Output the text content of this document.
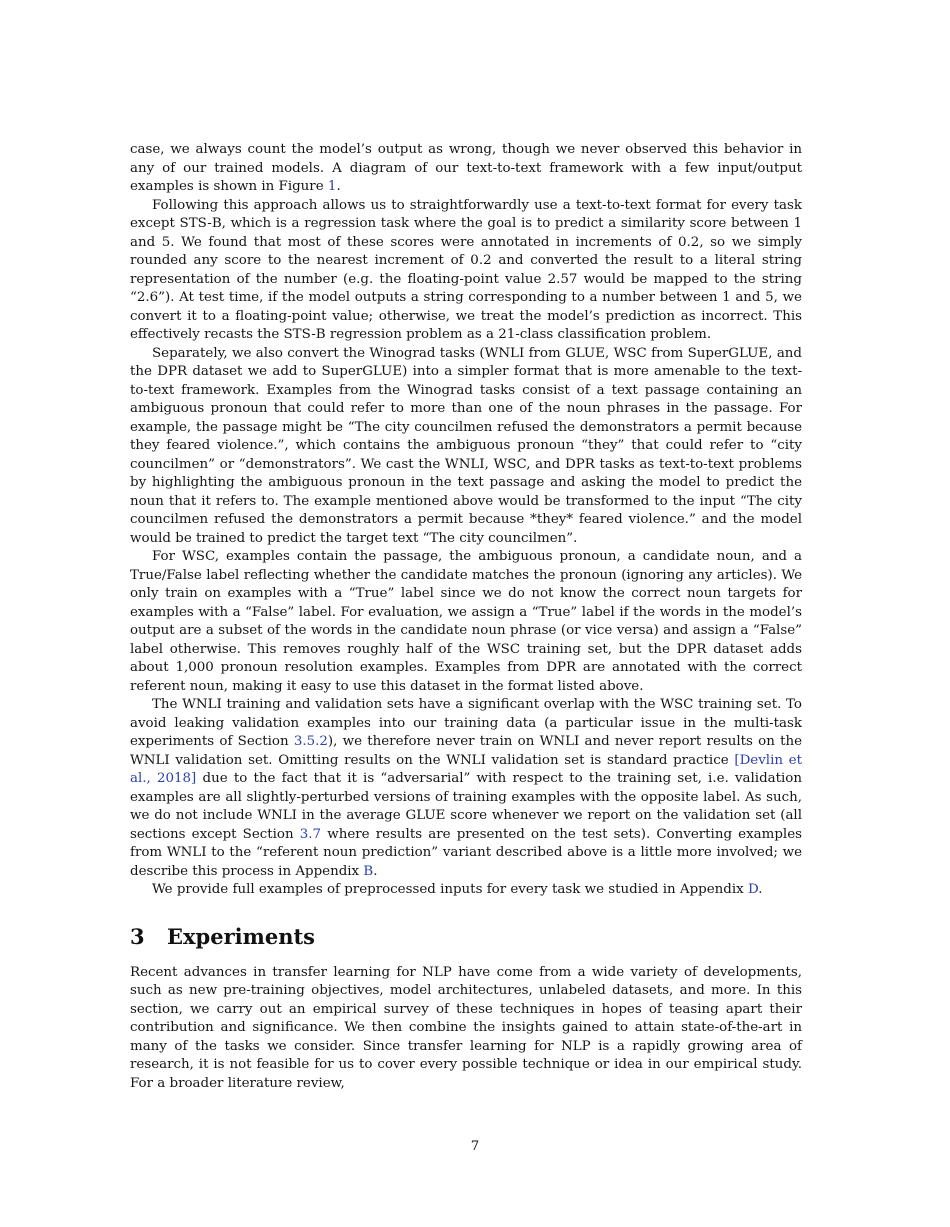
case, we always count the model’s output as wrong, though we never observed this behavior in any of our trained models. A diagram of our text-to-text framework with a few input/output examples is shown in Figure 1.

Following this approach allows us to straightforwardly use a text-to-text format for every task except STS-B, which is a regression task where the goal is to predict a similarity score between 1 and 5. We found that most of these scores were annotated in increments of 0.2, so we simply rounded any score to the nearest increment of 0.2 and converted the result to a literal string representation of the number (e.g. the floating-point value 2.57 would be mapped to the string “2.6”). At test time, if the model outputs a string corresponding to a number between 1 and 5, we convert it to a floating-point value; otherwise, we treat the model’s prediction as incorrect. This effectively recasts the STS-B regression problem as a 21-class classification problem.

Separately, we also convert the Winograd tasks (WNLI from GLUE, WSC from SuperGLUE, and the DPR dataset we add to SuperGLUE) into a simpler format that is more amenable to the text-to-text framework. Examples from the Winograd tasks consist of a text passage containing an ambiguous pronoun that could refer to more than one of the noun phrases in the passage. For example, the passage might be “The city councilmen refused the demonstrators a permit because they feared violence.”, which contains the ambiguous pronoun “they” that could refer to “city councilmen” or “demonstrators”. We cast the WNLI, WSC, and DPR tasks as text-to-text problems by highlighting the ambiguous pronoun in the text passage and asking the model to predict the noun that it refers to. The example mentioned above would be transformed to the input “The city councilmen refused the demonstrators a permit because *they* feared violence.” and the model would be trained to predict the target text “The city councilmen”.

For WSC, examples contain the passage, the ambiguous pronoun, a candidate noun, and a True/False label reflecting whether the candidate matches the pronoun (ignoring any articles). We only train on examples with a “True” label since we do not know the correct noun targets for examples with a “False” label. For evaluation, we assign a “True” label if the words in the model’s output are a subset of the words in the candidate noun phrase (or vice versa) and assign a “False” label otherwise. This removes roughly half of the WSC training set, but the DPR dataset adds about 1,000 pronoun resolution examples. Examples from DPR are annotated with the correct referent noun, making it easy to use this dataset in the format listed above.

The WNLI training and validation sets have a significant overlap with the WSC training set. To avoid leaking validation examples into our training data (a particular issue in the multi-task experiments of Section 3.5.2), we therefore never train on WNLI and never report results on the WNLI validation set. Omitting results on the WNLI validation set is standard practice [Devlin et al., 2018] due to the fact that it is “adversarial” with respect to the training set, i.e. validation examples are all slightly-perturbed versions of training examples with the opposite label. As such, we do not include WNLI in the average GLUE score whenever we report on the validation set (all sections except Section 3.7 where results are presented on the test sets). Converting examples from WNLI to the “referent noun prediction” variant described above is a little more involved; we describe this process in Appendix B.

We provide full examples of preprocessed inputs for every task we studied in Appendix D.

3 Experiments

Recent advances in transfer learning for NLP have come from a wide variety of developments, such as new pre-training objectives, model architectures, unlabeled datasets, and more. In this section, we carry out an empirical survey of these techniques in hopes of teasing apart their contribution and significance. We then combine the insights gained to attain state-of-the-art in many of the tasks we consider. Since transfer learning for NLP is a rapidly growing area of research, it is not feasible for us to cover every possible technique or idea in our empirical study. For a broader literature review,

7
